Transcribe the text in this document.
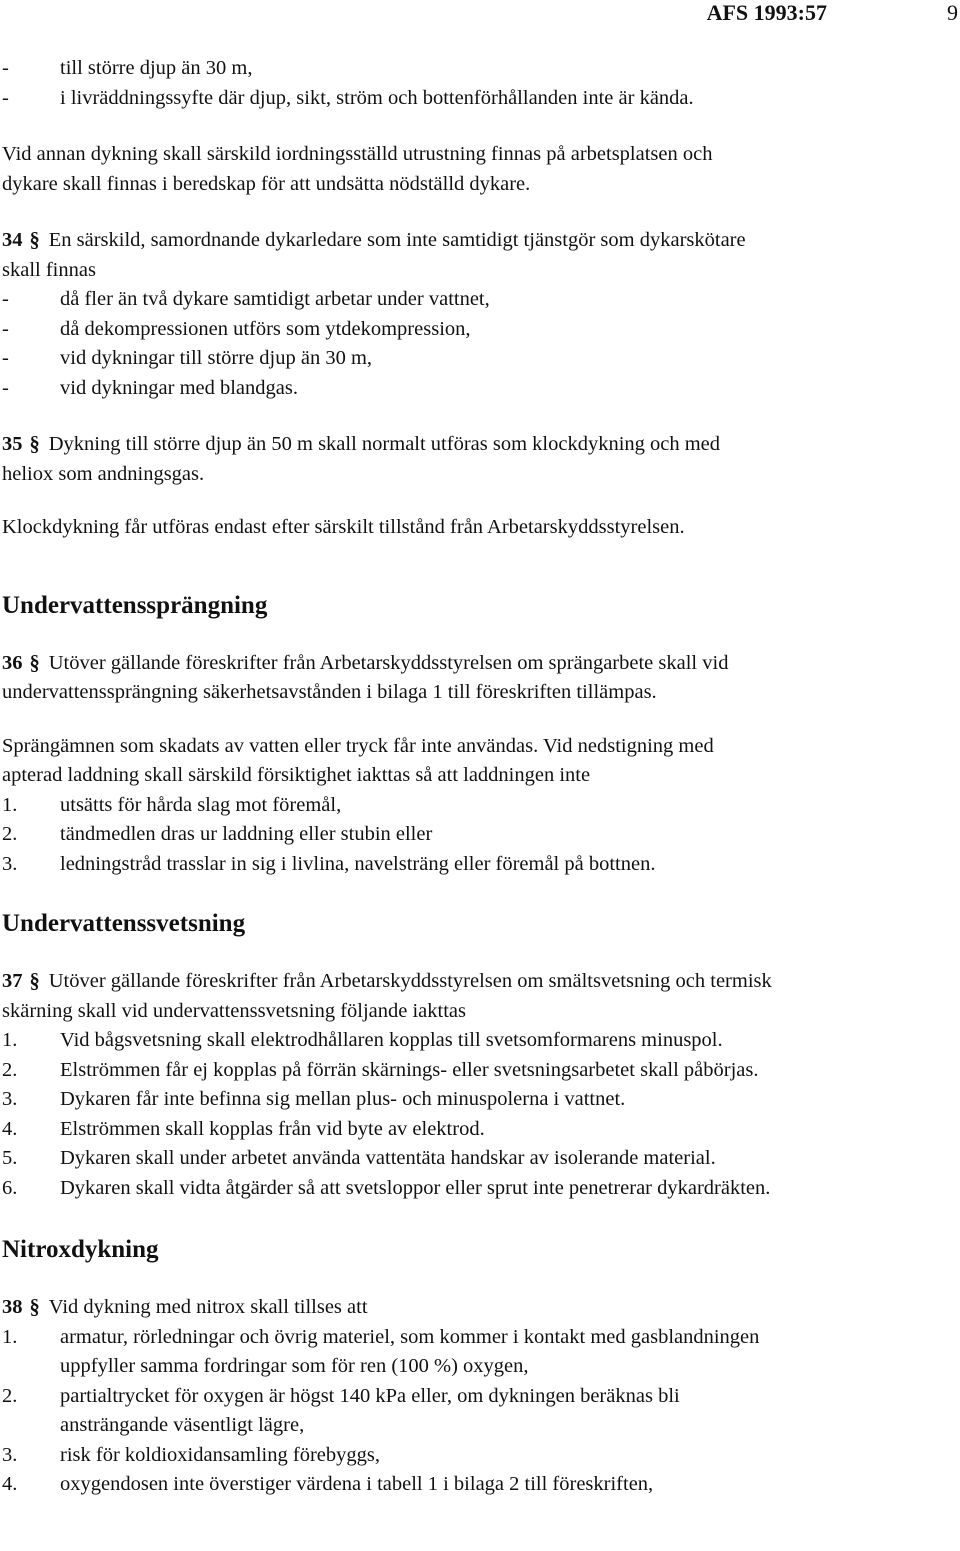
AFS 1993:57	9
-	till större djup än 30 m,
-	i livräddningssyfte där djup, sikt, ström och bottenförhållanden inte är kända.
Vid annan dykning skall särskild iordningsställd utrustning finnas på arbetsplatsen och
dykare skall finnas i beredskap för att undsätta nödställd dykare.
34 § En särskild, samordnande dykarledare som inte samtidigt tjänstgör som dykarskötare
skall finnas
-	då fler än två dykare samtidigt arbetar under vattnet,
-	då dekompressionen utförs som ytdekompression,
-	vid dykningar till större djup än 30 m,
-	vid dykningar med blandgas.
35 § Dykning till större djup än 50 m skall normalt utföras som klockdykning och med
heliox som andningsgas.
Klockdykning får utföras endast efter särskilt tillstånd från Arbetarskyddsstyrelsen.
Undervattenssprängning
36 § Utöver gällande föreskrifter från Arbetarskyddsstyrelsen om sprängarbete skall vid
undervattenssprängning säkerhetsavstånden i bilaga 1 till föreskriften tillämpas.
Sprängämnen som skadats av vatten eller tryck får inte användas. Vid nedstigning med
apterad laddning skall särskild försiktighet iakttas så att laddningen inte
1.	utsätts för hårda slag mot föremål,
2.	tändmedlen dras ur laddning eller stubin eller
3.	ledningstråd trasslar in sig i livlina, navelsträng eller föremål på bottnen.
Undervattenssvetsning
37 § Utöver gällande föreskrifter från Arbetarskyddsstyrelsen om smältsvetsning och termisk
skärning skall vid undervattenssvetsning följande iakttas
1.	Vid bågsvetsning skall elektrodhållaren kopplas till svetsomformarens minuspol.
2.	Elströmmen får ej kopplas på förrän skärnings- eller svetsningsarbetet skall påbörjas.
3.	Dykaren får inte befinna sig mellan plus- och minuspolerna i vattnet.
4.	Elströmmen skall kopplas från vid byte av elektrod.
5.	Dykaren skall under arbetet använda vattentäta handskar av isolerande material.
6.	Dykaren skall vidta åtgärder så att svetsloppor eller sprut inte penetrerar dykardräkten.
Nitroxdykning
38 § Vid dykning med nitrox skall tillses att
1.	armatur, rörledningar och övrig materiel, som kommer i kontakt med gasblandningen
uppfyller samma fordringar som för ren (100 %) oxygen,
2.	partialtrycket för oxygen är högst 140 kPa eller, om dykningen beräknas bli
ansträngande väsentligt lägre,
3.	risk för koldioxidansamling förebyggs,
4.	oxygendosen inte överstiger värdena i tabell 1 i bilaga 2 till föreskriften,
